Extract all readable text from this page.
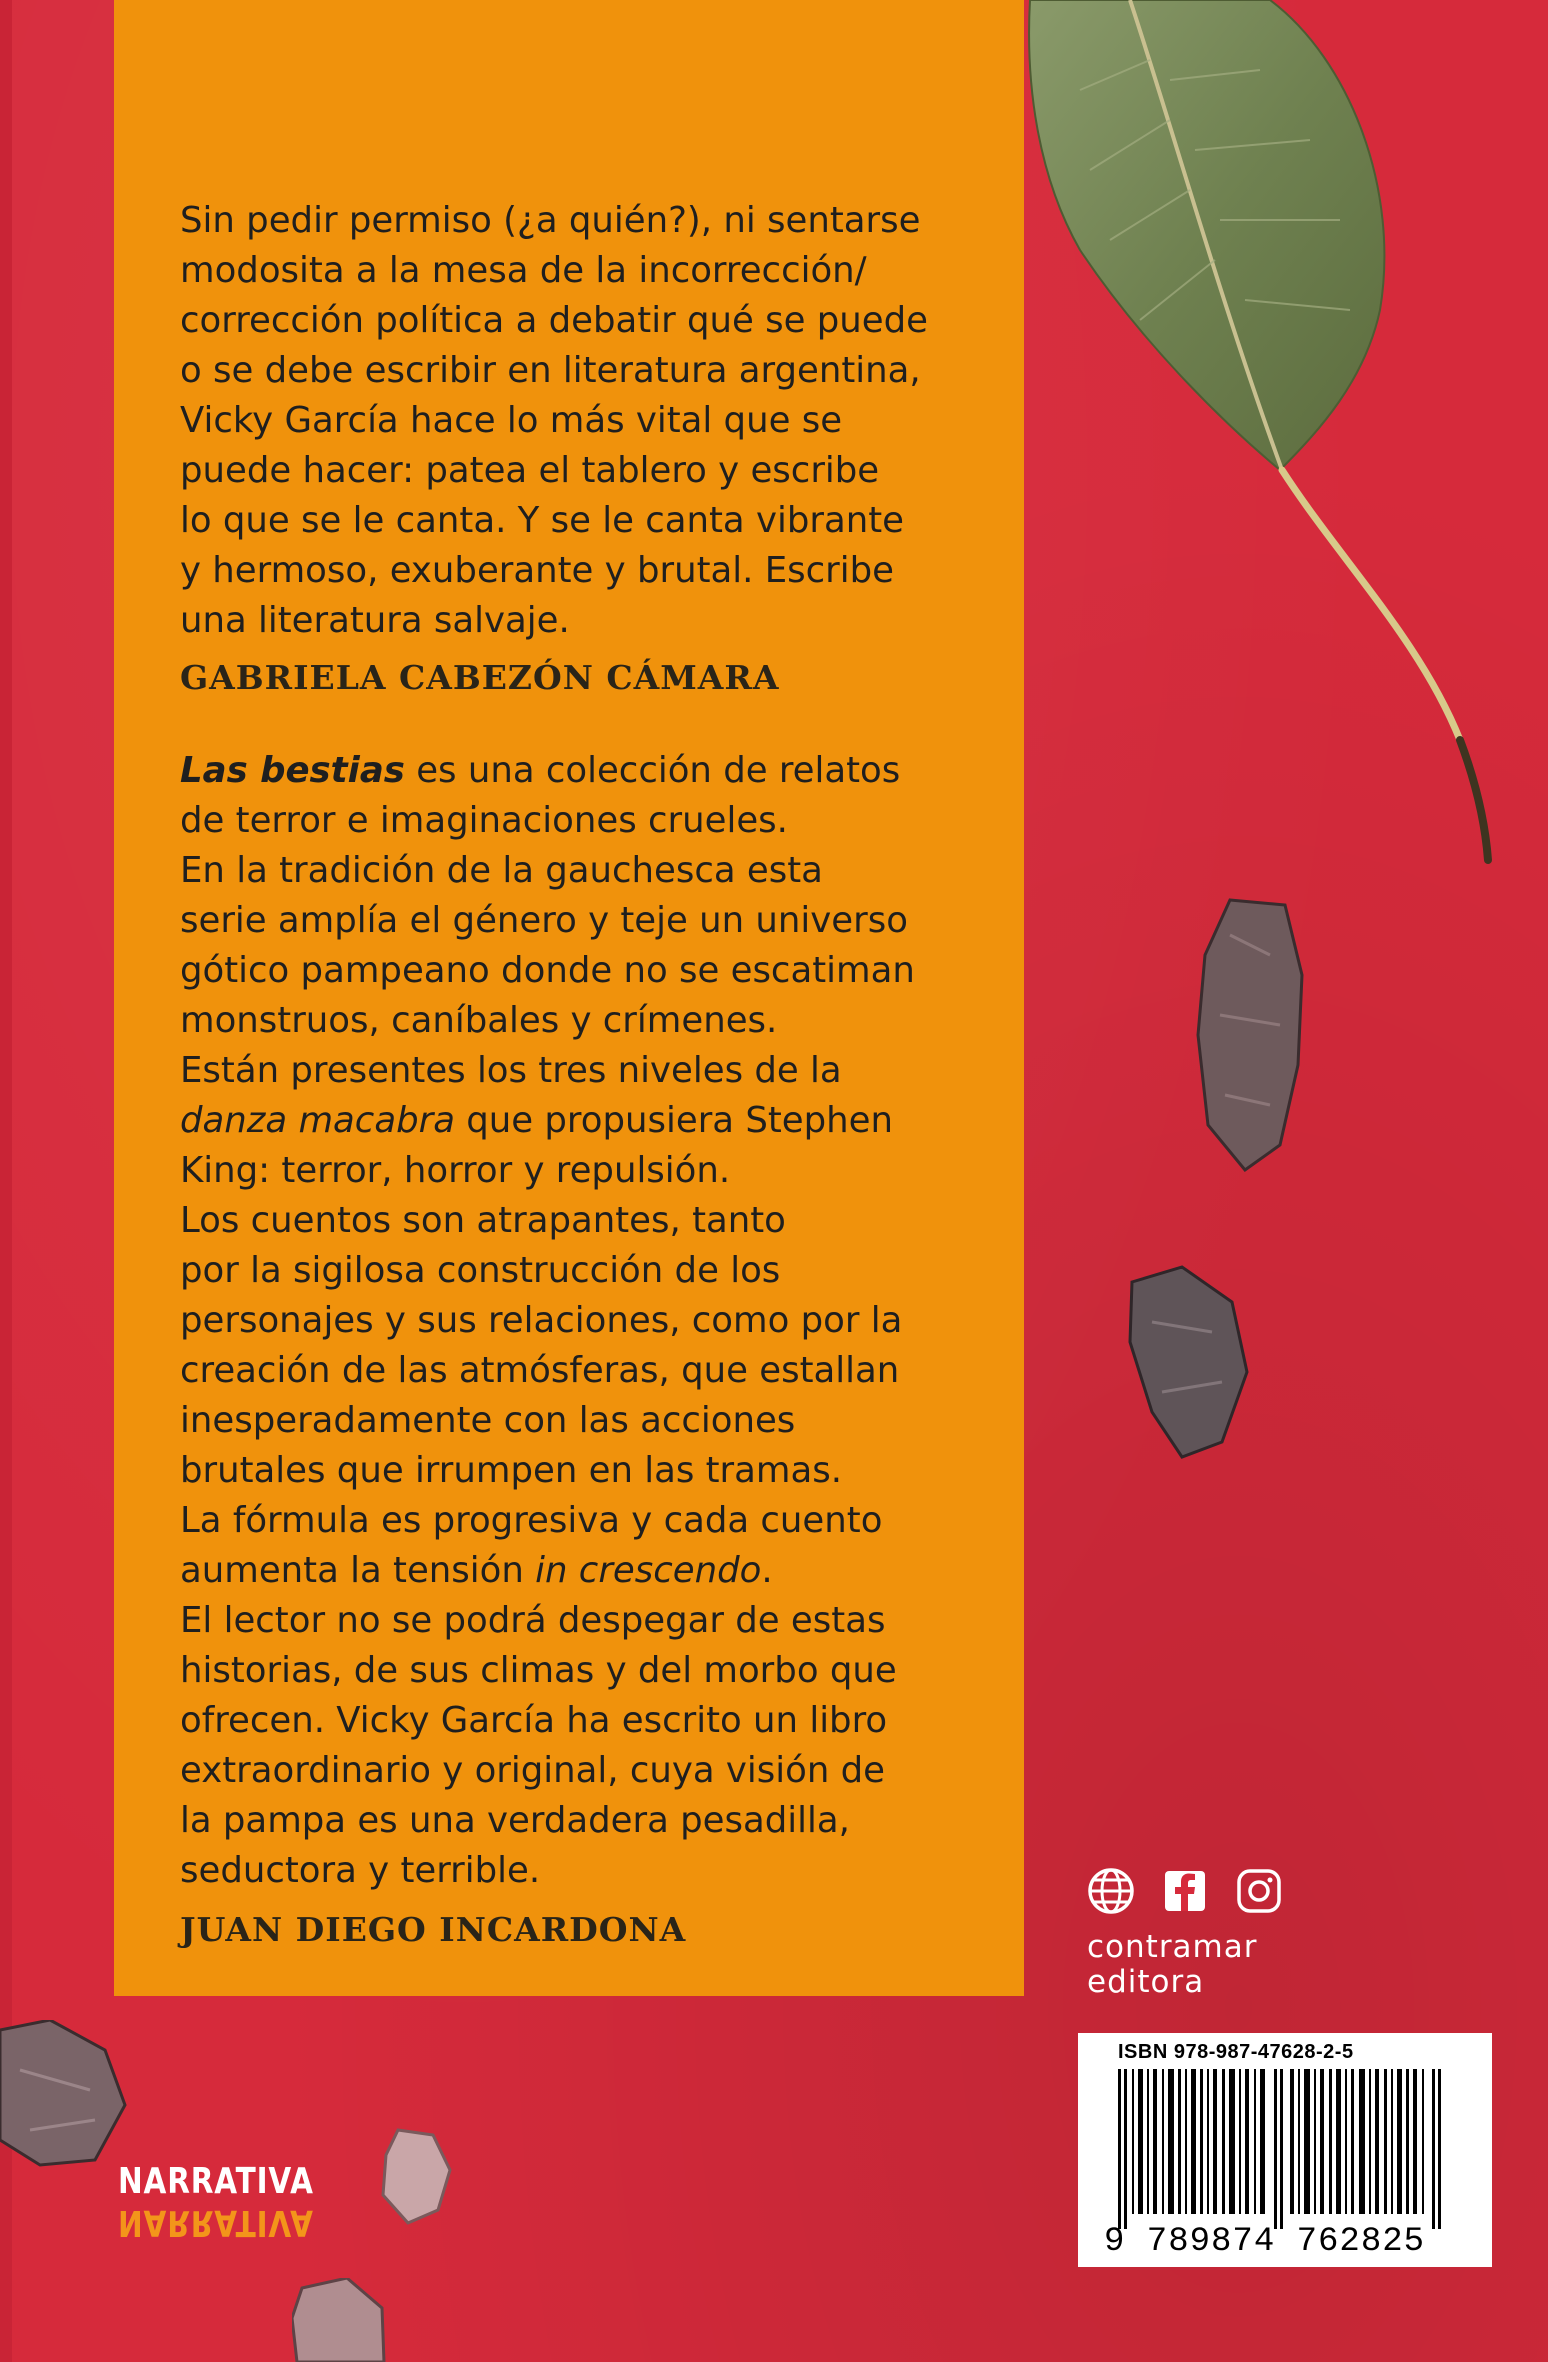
Sin pedir permiso (¿a quién?), ni sentarse
modosita a la mesa de la incorrección/
corrección política a debatir qué se puede
o se debe escribir en literatura argentina,
Vicky García hace lo más vital que se
puede hacer: patea el tablero y escribe
lo que se le canta. Y se le canta vibrante
y hermoso, exuberante y brutal. Escribe
una literatura salvaje.
GABRIELA CABEZÓN CÁMARA
Las bestias es una colección de relatos
de terror e imaginaciones crueles.
En la tradición de la gauchesca esta
serie amplía el género y teje un universo
gótico pampeano donde no se escatiman
monstruos, caníbales y crímenes.
Están presentes los tres niveles de la
danza macabra que propusiera Stephen
King: terror, horror y repulsión.
Los cuentos son atrapantes, tanto
por la sigilosa construcción de los
personajes y sus relaciones, como por la
creación de las atmósferas, que estallan
inesperadamente con las acciones
brutales que irrumpen en las tramas.
La fórmula es progresiva y cada cuento
aumenta la tensión in crescendo.
El lector no se podrá despegar de estas
historias, de sus climas y del morbo que
ofrecen. Vicky García ha escrito un libro
extraordinario y original, cuya visión de
la pampa es una verdadera pesadilla,
seductora y terrible.
JUAN DIEGO INCARDONA	contramar
editora
ISBN 978-987-47628-2-5
9 789874 762825
NARRATIVA
NARRATIVA
